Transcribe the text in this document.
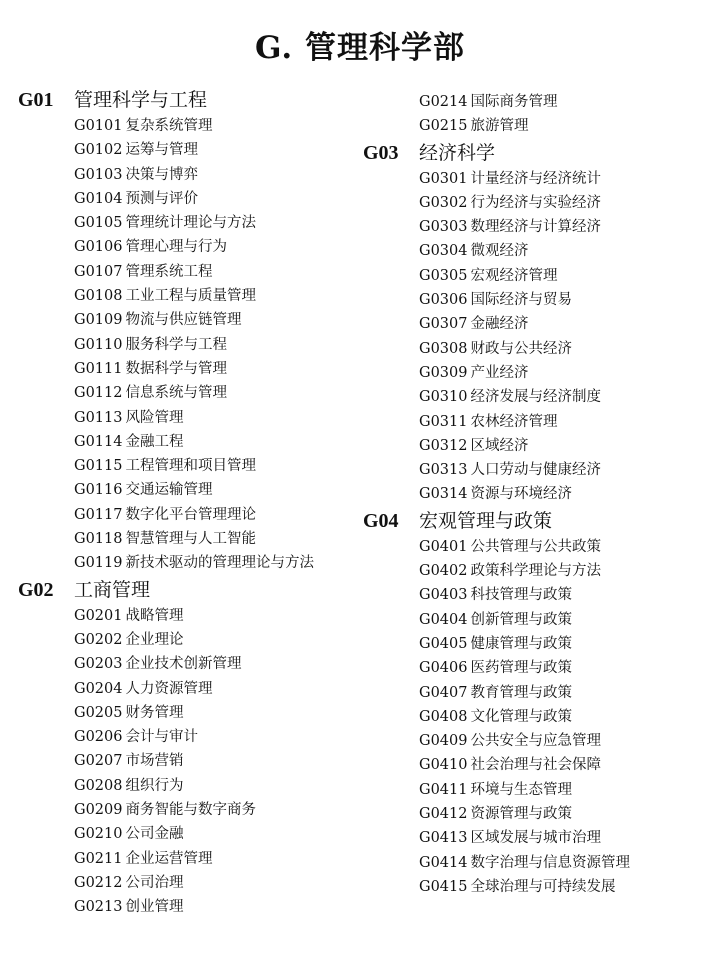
G. 管理科学部
G01 管理科学与工程
G0101 复杂系统管理
G0102 运筹与管理
G0103 决策与博弈
G0104 预测与评价
G0105 管理统计理论与方法
G0106 管理心理与行为
G0107 管理系统工程
G0108 工业工程与质量管理
G0109 物流与供应链管理
G0110 服务科学与工程
G0111 数据科学与管理
G0112 信息系统与管理
G0113 风险管理
G0114 金融工程
G0115 工程管理和项目管理
G0116 交通运输管理
G0117 数字化平台管理理论
G0118 智慧管理与人工智能
G0119 新技术驱动的管理理论与方法
G02 工商管理
G0201 战略管理
G0202 企业理论
G0203 企业技术创新管理
G0204 人力资源管理
G0205 财务管理
G0206 会计与审计
G0207 市场营销
G0208 组织行为
G0209 商务智能与数字商务
G0210 公司金融
G0211 企业运营管理
G0212 公司治理
G0213 创业管理
G0214 国际商务管理
G0215 旅游管理
G03 经济科学
G0301 计量经济与经济统计
G0302 行为经济与实验经济
G0303 数理经济与计算经济
G0304 微观经济
G0305 宏观经济管理
G0306 国际经济与贸易
G0307 金融经济
G0308 财政与公共经济
G0309 产业经济
G0310 经济发展与经济制度
G0311 农林经济管理
G0312 区域经济
G0313 人口劳动与健康经济
G0314 资源与环境经济
G04 宏观管理与政策
G0401 公共管理与公共政策
G0402 政策科学理论与方法
G0403 科技管理与政策
G0404 创新管理与政策
G0405 健康管理与政策
G0406 医药管理与政策
G0407 教育管理与政策
G0408 文化管理与政策
G0409 公共安全与应急管理
G0410 社会治理与社会保障
G0411 环境与生态管理
G0412 资源管理与政策
G0413 区域发展与城市治理
G0414 数字治理与信息资源管理
G0415 全球治理与可持续发展
